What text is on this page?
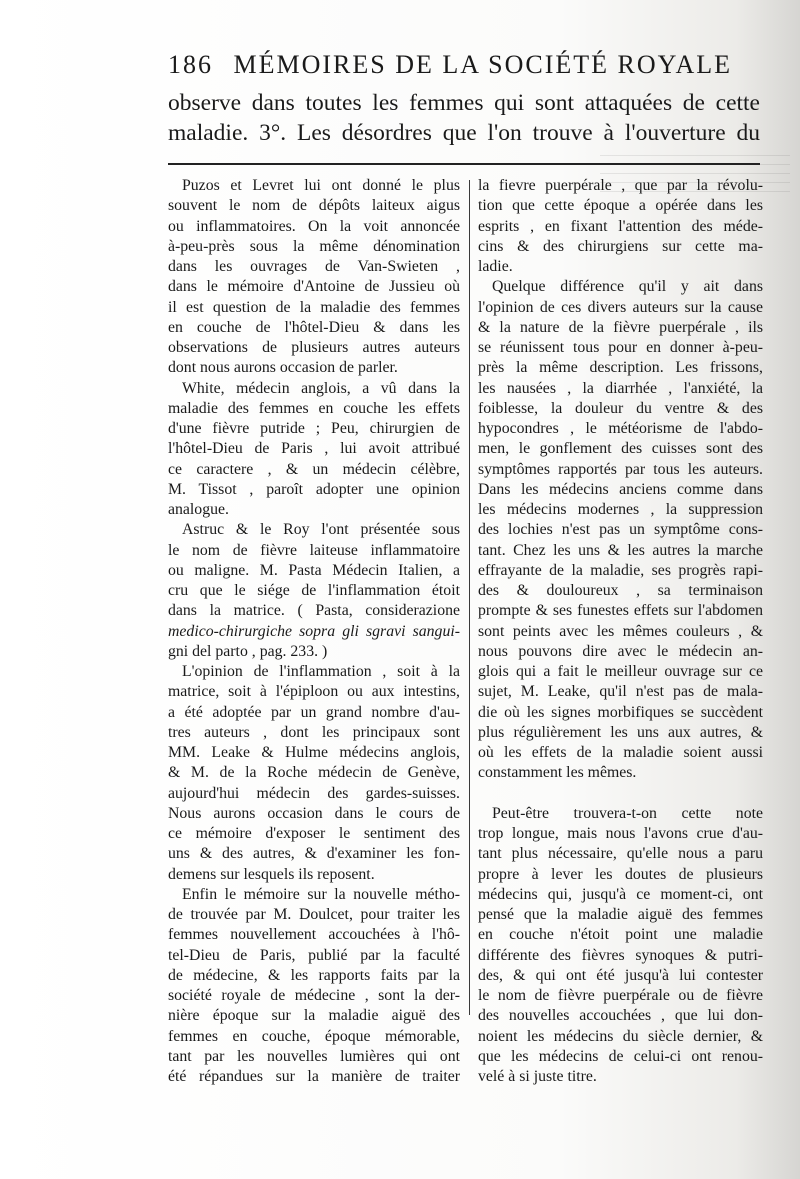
186 MÉMOIRES DE LA SOCIÉTÉ ROYALE
observe dans toutes les femmes qui sont attaquées de cette
maladie. 3°. Les désordres que l'on trouve à l'ouverture du
Puzos et Levret lui ont donné le plus
souvent le nom de dépôts laiteux aigus
ou inflammatoires. On la voit annoncée
à-peu-près sous la même dénomination
dans les ouvrages de Van-Swieten ,
dans le mémoire d'Antoine de Jussieu où
il est question de la maladie des femmes
en couche de l'hôtel-Dieu & dans les
observations de plusieurs autres auteurs
dont nous aurons occasion de parler.
White, médecin anglois, a vû dans la
maladie des femmes en couche les effets
d'une fièvre putride ; Peu, chirurgien de
l'hôtel-Dieu de Paris , lui avoit attribué
ce caractere , & un médecin célèbre,
M. Tissot , paroît adopter une opinion
analogue.
Astruc & le Roy l'ont présentée sous
le nom de fièvre laiteuse inflammatoire
ou maligne. M. Pasta Médecin Italien, a
cru que le siége de l'inflammation étoit
dans la matrice. ( Pasta, considerazione
medico-chirurgiche sopra gli sgravi sangui-
gni del parto , pag. 233. )
L'opinion de l'inflammation , soit à la
matrice, soit à l'épiploon ou aux intestins,
a été adoptée par un grand nombre d'au-
tres auteurs , dont les principaux sont
MM. Leake & Hulme médecins anglois,
& M. de la Roche médecin de Genève,
aujourd'hui médecin des gardes-suisses.
Nous aurons occasion dans le cours de
ce mémoire d'exposer le sentiment des
uns & des autres, & d'examiner les fon-
demens sur lesquels ils reposent.
Enfin le mémoire sur la nouvelle métho-
de trouvée par M. Doulcet, pour traiter les
femmes nouvellement accouchées à l'hô-
tel-Dieu de Paris, publié par la faculté
de médecine, & les rapports faits par la
société royale de médecine , sont la der-
nière époque sur la maladie aiguë des
femmes en couche, époque mémorable,
tant par les nouvelles lumières qui ont
été répandues sur la manière de traiter
la fievre puerpérale , que par la révolu-
tion que cette époque a opérée dans les
esprits , en fixant l'attention des méde-
cins & des chirurgiens sur cette ma-
ladie.
Quelque différence qu'il y ait dans
l'opinion de ces divers auteurs sur la cause
& la nature de la fièvre puerpérale , ils
se réunissent tous pour en donner à-peu-
près la même description. Les frissons,
les nausées , la diarrhée , l'anxiété, la
foiblesse, la douleur du ventre & des
hypocondres , le météorisme de l'abdo-
men, le gonflement des cuisses sont des
symptômes rapportés par tous les auteurs.
Dans les médecins anciens comme dans
les médecins modernes , la suppression
des lochies n'est pas un symptôme cons-
tant. Chez les uns & les autres la marche
effrayante de la maladie, ses progrès rapi-
des & douloureux , sa terminaison
prompte & ses funestes effets sur l'abdomen
sont peints avec les mêmes couleurs , &
nous pouvons dire avec le médecin an-
glois qui a fait le meilleur ouvrage sur ce
sujet, M. Leake, qu'il n'est pas de mala-
die où les signes morbifiques se succèdent
plus régulièrement les uns aux autres, &
où les effets de la maladie soient aussi
constamment les mêmes.
Peut-être trouvera-t-on cette note
trop longue, mais nous l'avons crue d'au-
tant plus nécessaire, qu'elle nous a paru
propre à lever les doutes de plusieurs
médecins qui, jusqu'à ce moment-ci, ont
pensé que la maladie aiguë des femmes
en couche n'étoit point une maladie
différente des fièvres synoques & putri-
des, & qui ont été jusqu'à lui contester
le nom de fièvre puerpérale ou de fièvre
des nouvelles accouchées , que lui don-
noient les médecins du siècle dernier, &
que les médecins de celui-ci ont renou-
velé à si juste titre.
